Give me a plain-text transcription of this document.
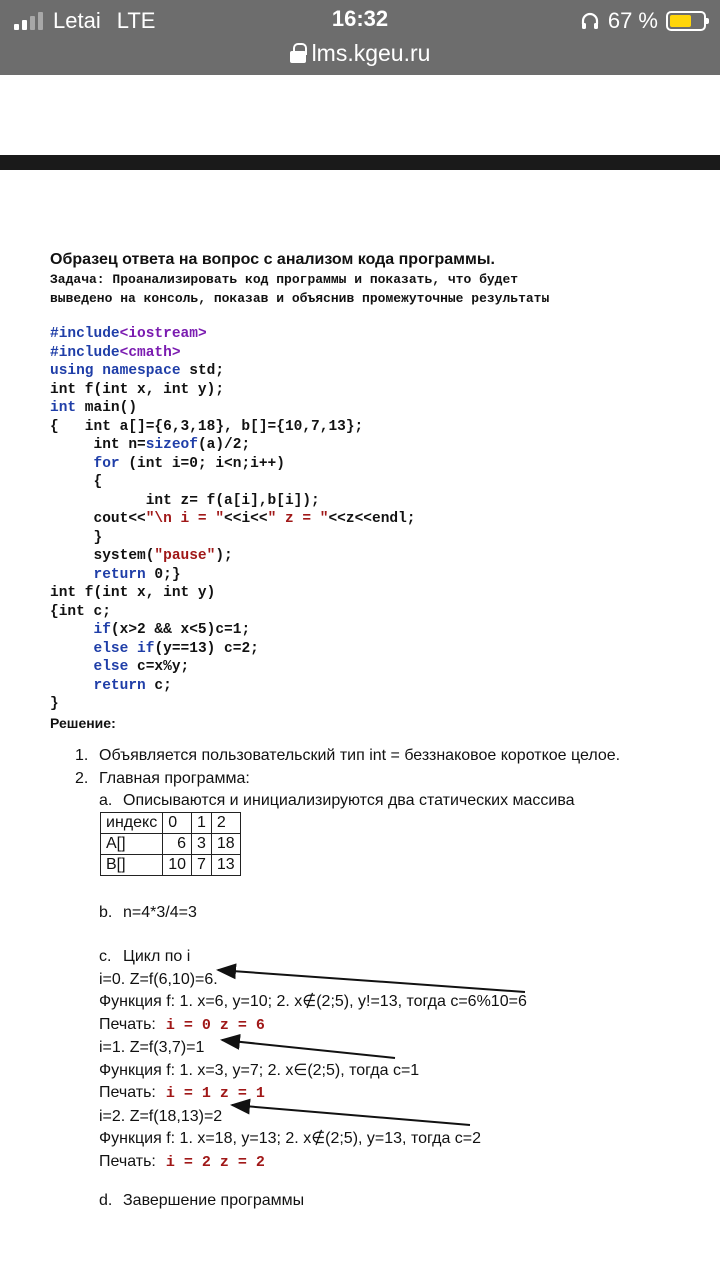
Letai LTE	16:32	67 %
lms.kgeu.ru
Образец ответа на вопрос с анализом кода программы.
Задача: Проанализировать код программы и показать, что будет
выведено на консоль, показав и объяснив промежуточные результаты
#include<iostream>
#include<cmath>
using namespace std;
int f(int x, int y);
int main()
{   int a[]={6,3,18}, b[]={10,7,13};
int n=sizeof(a)/2;
for (int i=0; i<n;i++)
{
int z= f(a[i],b[i]);
cout<<"\n i = "<<i<<" z = "<<z<<endl;
}
system("pause");
return 0;}
int f(int x, int y)
{int c;
if(x>2 && x<5)c=1;
else if(y==13) c=2;
else c=x%y;
return c;
}
Решение:
1. Объявляется пользовательский тип int = беззнаковое короткое целое.
2. Главная программа:
a. Описываются и инициализируются два статических массива
индекс	0	1	2
A[]	6	3	18
B[]	10	7	13
b. n=4*3/4=3
c. Цикл по i
i=0. Z=f(6,10)=6.
Функция f: 1. x=6, y=10; 2. x∉(2;5), y!=13, тогда c=6%10=6
Печать: i = 0 z = 6
i=1. Z=f(3,7)=1
Функция f: 1. x=3, y=7; 2. x∈(2;5), тогда c=1
Печать: i = 1 z = 1
i=2. Z=f(18,13)=2
Функция f: 1. x=18, y=13; 2. x∉(2;5), y=13, тогда c=2
Печать: i = 2 z = 2
d. Завершение программы
